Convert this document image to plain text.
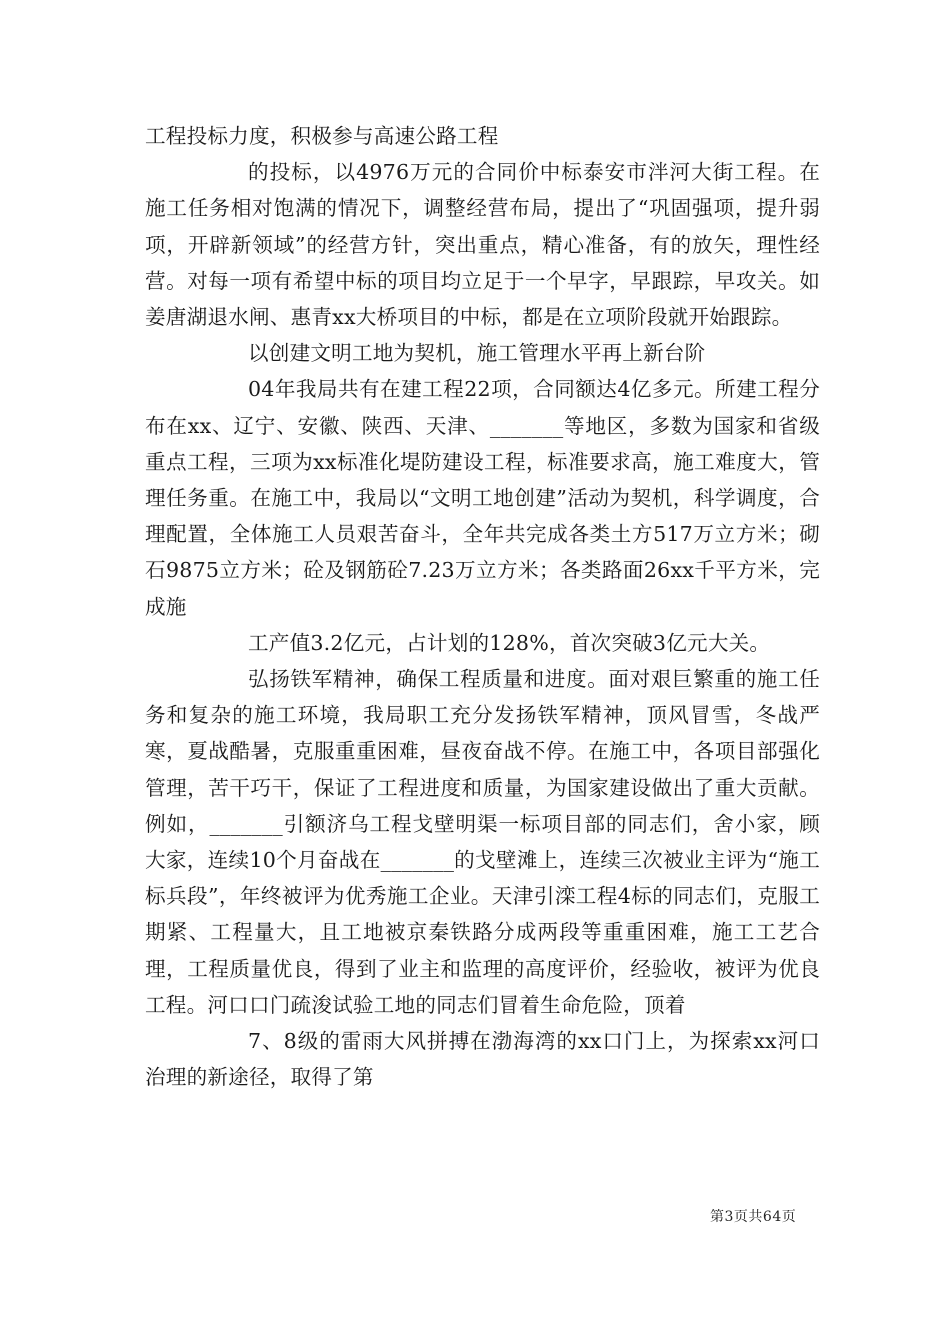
工程投标力度，积极参与高速公路工程

的投标，以4976万元的合同价中标泰安市泮河大街工程。在施工任务相对饱满的情况下，调整经营布局，提出了“巩固强项，提升弱项，开辟新领域”的经营方针，突出重点，精心准备，有的放矢，理性经营。对每一项有希望中标的项目均立足于一个早字，早跟踪，早攻关。如姜唐湖退水闸、惠青xx大桥项目的中标，都是在立项阶段就开始跟踪。

以创建文明工地为契机，施工管理水平再上新台阶

04年我局共有在建工程22项，合同额达4亿多元。所建工程分布在xx、辽宁、安徽、陕西、天津、_______等地区，多数为国家和省级重点工程，三项为xx标准化堤防建设工程，标准要求高，施工难度大，管理任务重。在施工中，我局以“文明工地创建”活动为契机，科学调度，合理配置，全体施工人员艰苦奋斗，全年共完成各类土方517万立方米；砌石9875立方米；砼及钢筋砼7.23万立方米；各类路面26xx千平方米，完成施

工产值3.2亿元，占计划的128%，首次突破3亿元大关。

弘扬铁军精神，确保工程质量和进度。面对艰巨繁重的施工任务和复杂的施工环境，我局职工充分发扬铁军精神，顶风冒雪，冬战严寒，夏战酷暑，克服重重困难，昼夜奋战不停。在施工中，各项目部强化管理，苦干巧干，保证了工程进度和质量，为国家建设做出了重大贡献。例如，_______引额济乌工程戈壁明渠一标项目部的同志们，舍小家，顾大家，连续10个月奋战在_______的戈壁滩上，连续三次被业主评为“施工标兵段”，年终被评为优秀施工企业。天津引滦工程4标的同志们，克服工期紧、工程量大，且工地被京秦铁路分成两段等重重困难，施工工艺合理，工程质量优良，得到了业主和监理的高度评价，经验收，被评为优良工程。河口口门疏浚试验工地的同志们冒着生命危险，顶着

7、8级的雷雨大风拼搏在渤海湾的xx口门上，为探索xx河口治理的新途径，取得了第

第3页共64页
